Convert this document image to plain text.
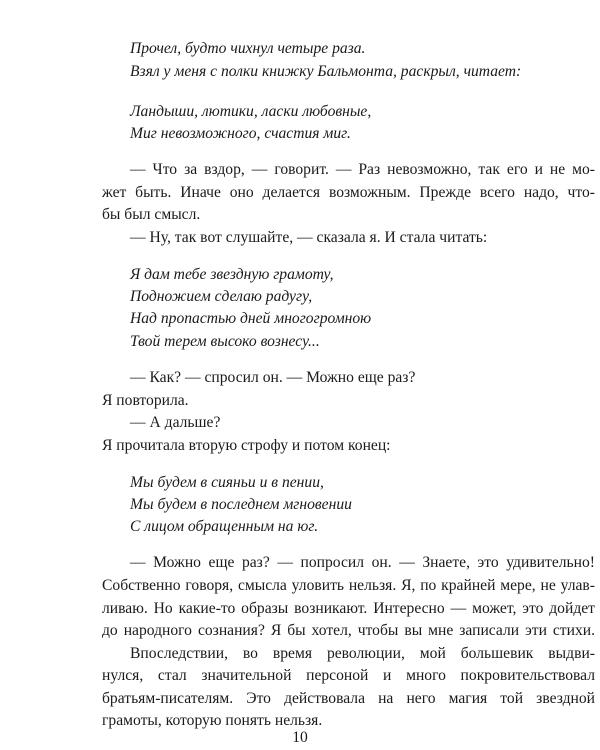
Прочел, будто чихнул четыре раза.
Взял у меня с полки книжку Бальмонта, раскрыл, читает:
Ландыши, лютики, ласки любовные,
Миг невозможного, счастия миг.
— Что за вздор, — говорит. — Раз невозможно, так его и не мо-
жет быть. Иначе оно делается возможным. Прежде всего надо, что-
бы был смысл.
— Ну, так вот слушайте, — сказала я. И стала читать:
Я дам тебе звездную грамоту,
Подножием сделаю радугу,
Над пропастью дней многогромною
Твой терем высоко вознесу...
— Как? — спросил он. — Можно еще раз?
Я повторила.
— А дальше?
Я прочитала вторую строфу и потом конец:
Мы будем в сияньи и в пении,
Мы будем в последнем мгновении
С лицом обращенным на юг.
— Можно еще раз? — попросил он. — Знаете, это удивительно!
Собственно говоря, смысла уловить нельзя. Я, по крайней мере, не улав-
ливаю. Но какие-то образы возникают. Интересно — может, это дойдет
до народного сознания? Я бы хотел, чтобы вы мне записали эти стихи.
Впоследствии, во время революции, мой большевик выдви-
нулся, стал значительной персоной и много покровительствовал
братьям-писателям. Это действовала на него магия той звездной
грамоты, которую понять нельзя.
10
